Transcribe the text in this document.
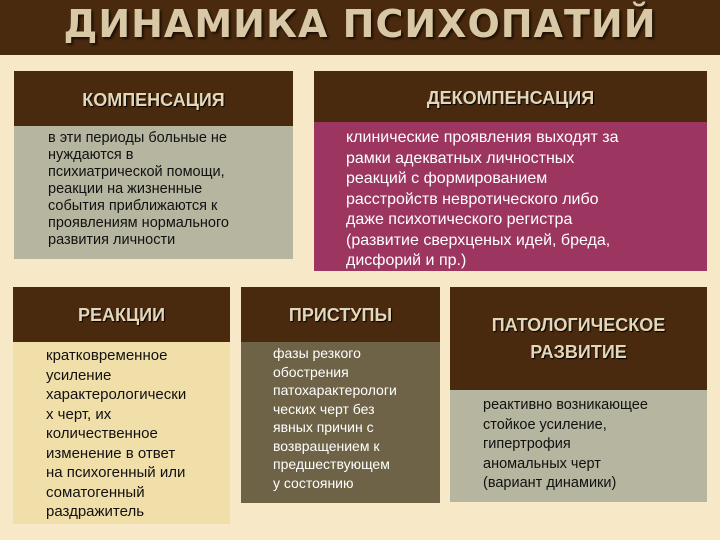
ДИНАМИКА ПСИХОПАТИЙ
КОМПЕНСАЦИЯ
в эти периоды больные не
нуждаются в
психиатрической помощи,
реакции на жизненные
события приближаются к
проявлениям нормального
развития личности
ДЕКОМПЕНСАЦИЯ
клинические проявления выходят за
рамки адекватных личностных
реакций с формированием
расстройств невротического либо
даже психотического регистра
(развитие сверхценых идей, бреда,
дисфорий и пр.)
РЕАКЦИИ
кратковременное
усиление
характерологически
х черт, их
количественное
изменение в ответ
на психогенный или
соматогенный
раздражитель
ПРИСТУПЫ
фазы резкого
обострения
патохарактерологи
ческих черт без
явных причин с
возвращением к
предшествующем
у состоянию
ПАТОЛОГИЧЕСКОЕ
РАЗВИТИЕ
реактивно возникающее
стойкое усиление,
гипертрофия
аномальных черт
(вариант динамики)
